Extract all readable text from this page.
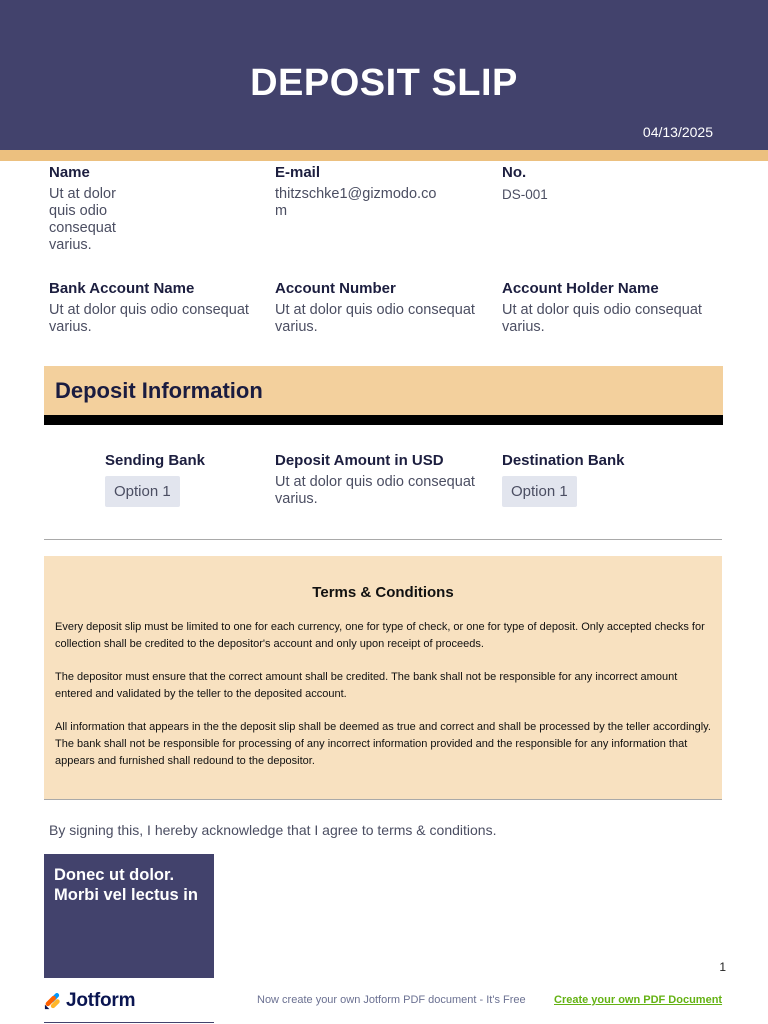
DEPOSIT SLIP
04/13/2025
Name
Ut at dolor quis odio consequat varius.
E-mail
thitzschke1@gizmodo.com
No.
DS-001
Bank Account Name
Ut at dolor quis odio consequat varius.
Account Number
Ut at dolor quis odio consequat varius.
Account Holder Name
Ut at dolor quis odio consequat varius.
Deposit Information
Sending Bank
Option 1
Deposit Amount in USD
Ut at dolor quis odio consequat varius.
Destination Bank
Option 1
Terms & Conditions
Every deposit slip must be limited to one for each currency, one for type of check, or one for type of deposit. Only accepted checks for collection shall be credited to the depositor's account and only upon receipt of proceeds.
The depositor must ensure that the correct amount shall be credited. The bank shall not be responsible for any incorrect amount entered and validated by the teller to the deposited account.
All information that appears in the the deposit slip shall be deemed as true and correct and shall be processed by the teller accordingly. The bank shall not be responsible for processing of any incorrect information provided and the responsible for any information that appears and furnished shall redound to the depositor.
By signing this, I hereby acknowledge that I agree to terms & conditions.
Donec ut dolor. Morbi vel lectus in
1
Jotform	Now create your own Jotform PDF document - It's Free	Create your own PDF Document
